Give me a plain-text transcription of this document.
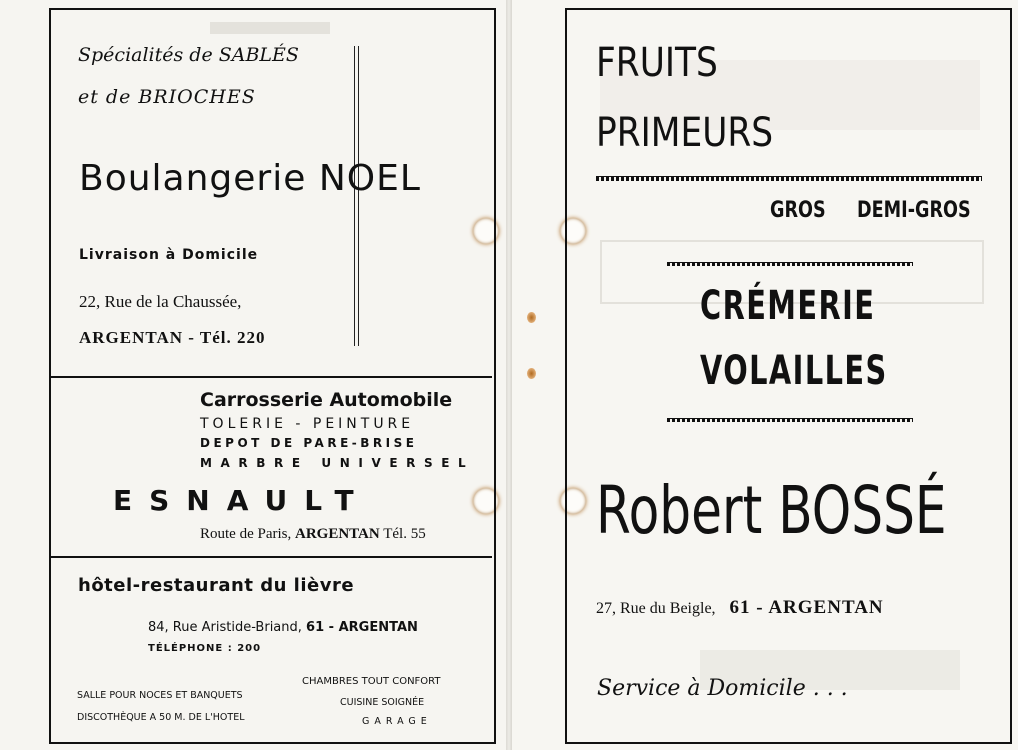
Spécialités de SABLÉS
et de BRIOCHES
Boulangerie NOEL
Livraison à Domicile
22, Rue de la Chaussée,
ARGENTAN - Tél. 220
Carrosserie Automobile
TOLERIE - PEINTURE
DEPOT DE PARE-BRISE
MARBRE UNIVERSEL
ESNAULT
Route de Paris, ARGENTAN Tél. 55
hôtel-restaurant du lièvre
84, Rue Aristide-Briand, 61 - ARGENTAN
TÉLÉPHONE : 200
CHAMBRES TOUT CONFORT
SALLE POUR NOCES ET BANQUETS
CUISINE SOIGNÉE
DISCOTHÈQUE A 50 M. DE L'HOTEL	GARAGE
FRUITS
PRIMEURS
GROS DEMI-GROS
CRÉMERIE
VOLAILLES
Robert BOSSÉ
27, Rue du Beigle, 61 - ARGENTAN
Service à Domicile . . .
